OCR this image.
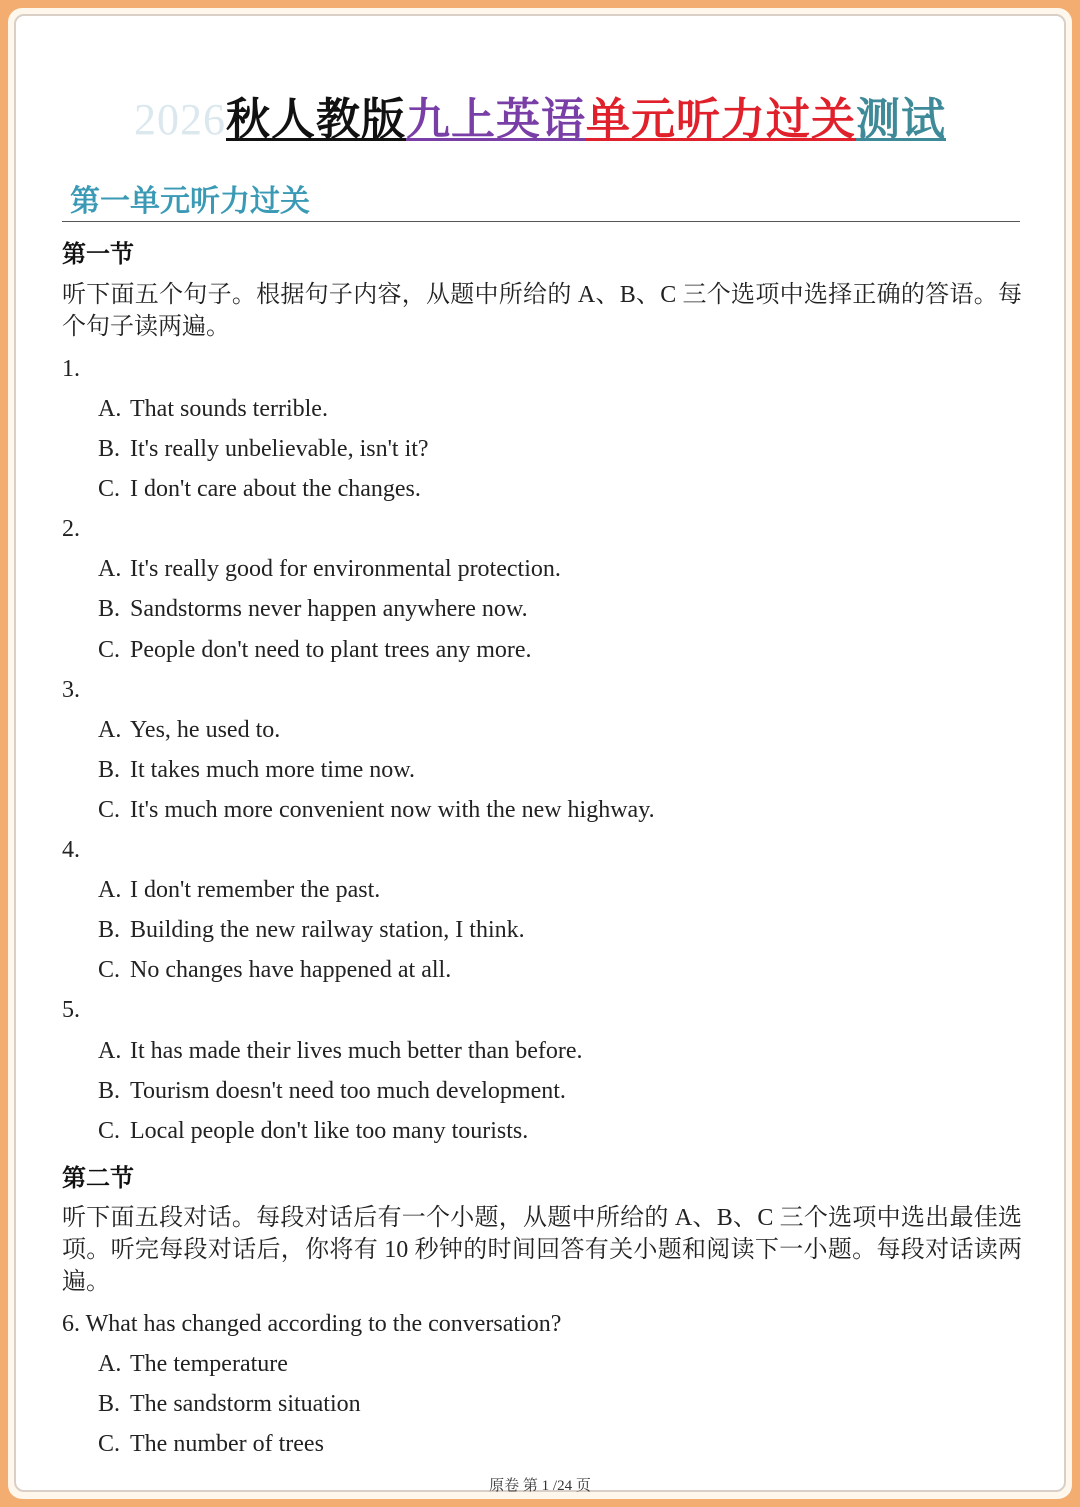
2026秋人教版九上英语单元听力过关测试
第一单元听力过关
第一节
听下面五个句子。根据句子内容，从题中所给的 A、B、C 三个选项中选择正确的答语。每个句子读两遍。
1.
A. That sounds terrible.
B. It's really unbelievable, isn't it?
C. I don't care about the changes.
2.
A. It's really good for environmental protection.
B. Sandstorms never happen anywhere now.
C. People don't need to plant trees any more.
3.
A. Yes, he used to.
B. It takes much more time now.
C. It's much more convenient now with the new highway.
4.
A. I don't remember the past.
B. Building the new railway station, I think.
C. No changes have happened at all.
5.
A. It has made their lives much better than before.
B. Tourism doesn't need too much development.
C. Local people don't like too many tourists.
第二节
听下面五段对话。每段对话后有一个小题，从题中所给的 A、B、C 三个选项中选出最佳选项。听完每段对话后，你将有 10 秒钟的时间回答有关小题和阅读下一小题。每段对话读两遍。
6. What has changed according to the conversation?
A. The temperature
B. The sandstorm situation
C. The number of trees
原卷 第 1 /24 页
